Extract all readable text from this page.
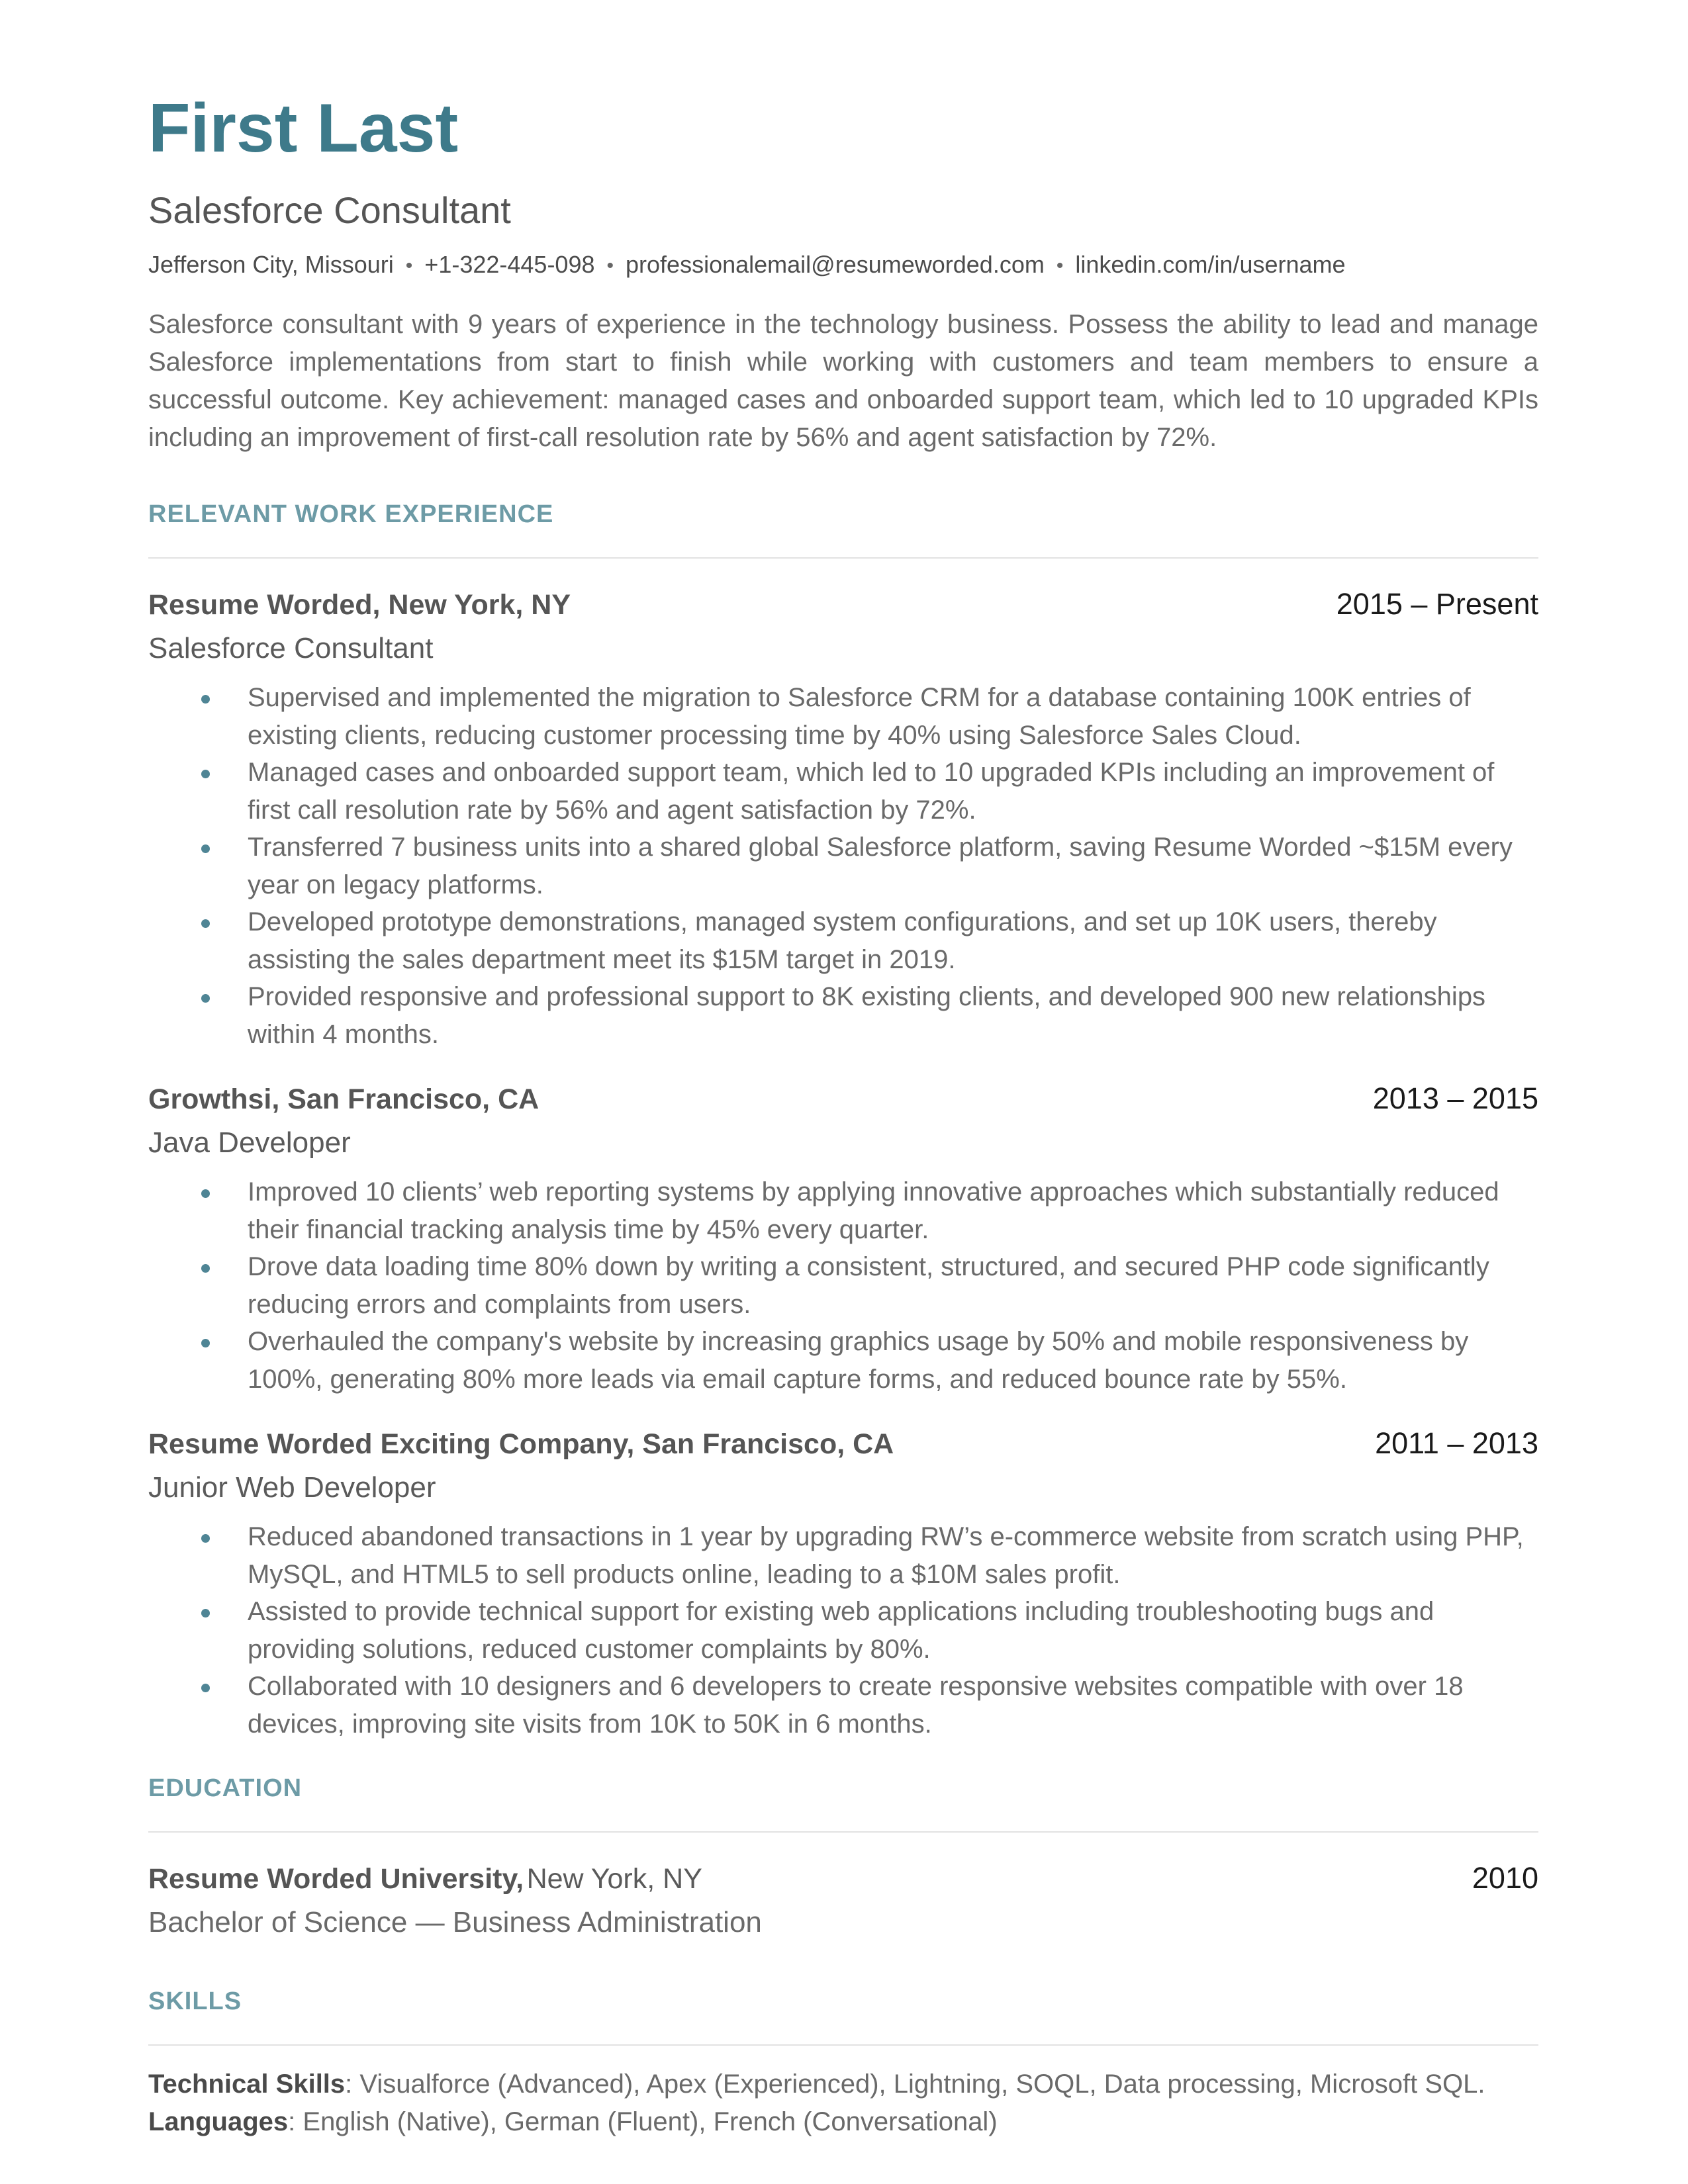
First Last
Salesforce Consultant
Jefferson City, Missouri • +1-322-445-098 • professionalemail@resumeworded.com • linkedin.com/in/username
Salesforce consultant with 9 years of experience in the technology business. Possess the ability to lead and manage Salesforce implementations from start to finish while working with customers and team members to ensure a successful outcome. Key achievement: managed cases and onboarded support team, which led to 10 upgraded KPIs including an improvement of first-call resolution rate by 56% and agent satisfaction by 72%.
RELEVANT WORK EXPERIENCE
Resume Worded, New York, NY	2015 – Present
Salesforce Consultant
Supervised and implemented the migration to Salesforce CRM for a database containing 100K entries of existing clients, reducing customer processing time by 40% using Salesforce Sales Cloud.
Managed cases and onboarded support team, which led to 10 upgraded KPIs including an improvement of first call resolution rate by 56% and agent satisfaction by 72%.
Transferred 7 business units into a shared global Salesforce platform, saving Resume Worded ~$15M every year on legacy platforms.
Developed prototype demonstrations, managed system configurations, and set up 10K users, thereby assisting the sales department meet its $15M target in 2019.
Provided responsive and professional support to 8K existing clients, and developed 900 new relationships within 4 months.
Growthsi, San Francisco, CA	2013 – 2015
Java Developer
Improved 10 clients’ web reporting systems by applying innovative approaches which substantially reduced their financial tracking analysis time by 45% every quarter.
Drove data loading time 80% down by writing a consistent, structured, and secured PHP code significantly reducing errors and complaints from users.
Overhauled the company's website by increasing graphics usage by 50% and mobile responsiveness by 100%, generating 80% more leads via email capture forms, and reduced bounce rate by 55%.
Resume Worded Exciting Company, San Francisco, CA	2011 – 2013
Junior Web Developer
Reduced abandoned transactions in 1 year by upgrading RW’s e-commerce website from scratch using PHP, MySQL, and HTML5 to sell products online, leading to a $10M sales profit.
Assisted to provide technical support for existing web applications including troubleshooting bugs and providing solutions, reduced customer complaints by 80%.
Collaborated with 10 designers and 6 developers to create responsive websites compatible with over 18 devices, improving site visits from 10K to 50K in 6 months.
EDUCATION
Resume Worded University, New York, NY	2010
Bachelor of Science — Business Administration
SKILLS
Technical Skills: Visualforce (Advanced), Apex (Experienced), Lightning, SOQL, Data processing, Microsoft SQL.
Languages: English (Native), German (Fluent), French (Conversational)
